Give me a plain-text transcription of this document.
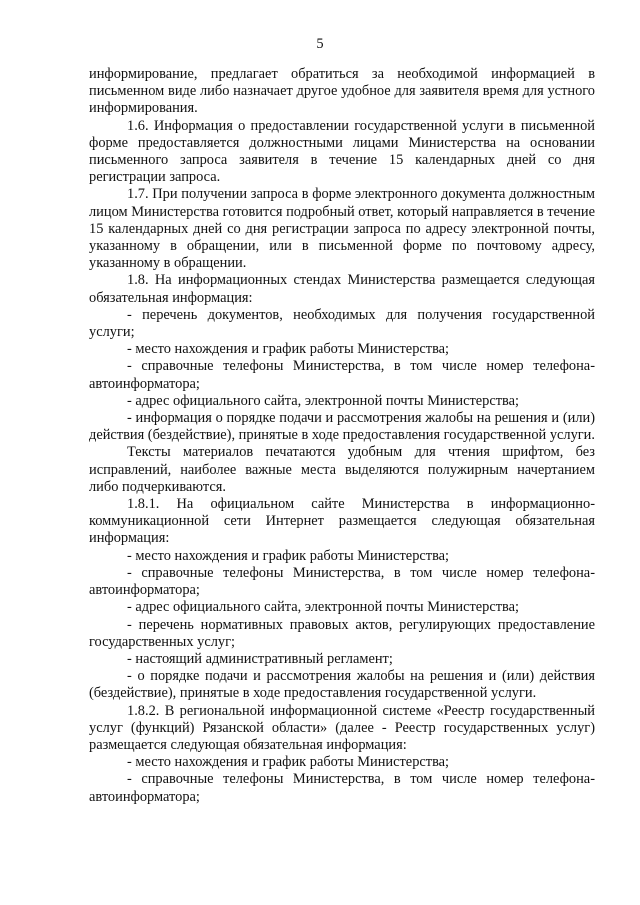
5

информирование, предлагает обратиться за необходимой информацией в письменном виде либо назначает другое удобное для заявителя время для устного информирования.

1.6. Информация о предоставлении государственной услуги в письменной форме предоставляется должностными лицами Министерства на основании письменного запроса заявителя в течение 15 календарных дней со дня регистрации запроса.

1.7. При получении запроса в форме электронного документа должностным лицом Министерства готовится подробный ответ, который направляется в течение 15 календарных дней со дня регистрации запроса по адресу электронной почты, указанному в обращении, или в письменной форме по почтовому адресу, указанному в обращении.

1.8. На информационных стендах Министерства размещается следующая обязательная информация:

- перечень документов, необходимых для получения государственной услуги;

- место нахождения и график работы Министерства;

- справочные телефоны Министерства, в том числе номер телефона-автоинформатора;

- адрес официального сайта, электронной почты Министерства;

- информация о порядке подачи и рассмотрения жалобы на решения и (или) действия (бездействие), принятые в ходе предоставления государственной услуги.

Тексты материалов печатаются удобным для чтения шрифтом, без исправлений, наиболее важные места выделяются полужирным начертанием либо подчеркиваются.

1.8.1. На официальном сайте Министерства в информационно-коммуникационной сети Интернет размещается следующая обязательная информация:

- место нахождения и график работы Министерства;

- справочные телефоны Министерства, в том числе номер телефона-автоинформатора;

- адрес официального сайта, электронной почты Министерства;

- перечень нормативных правовых актов, регулирующих предоставление государственных услуг;

- настоящий административный регламент;

- о порядке подачи и рассмотрения жалобы на решения и (или) действия (бездействие), принятые в ходе предоставления государственной услуги.

1.8.2. В региональной информационной системе «Реестр государственный услуг (функций) Рязанской области» (далее - Реестр государственных услуг) размещается следующая обязательная информация:

- место нахождения и график работы Министерства;

- справочные телефоны Министерства, в том числе номер телефона-автоинформатора;
